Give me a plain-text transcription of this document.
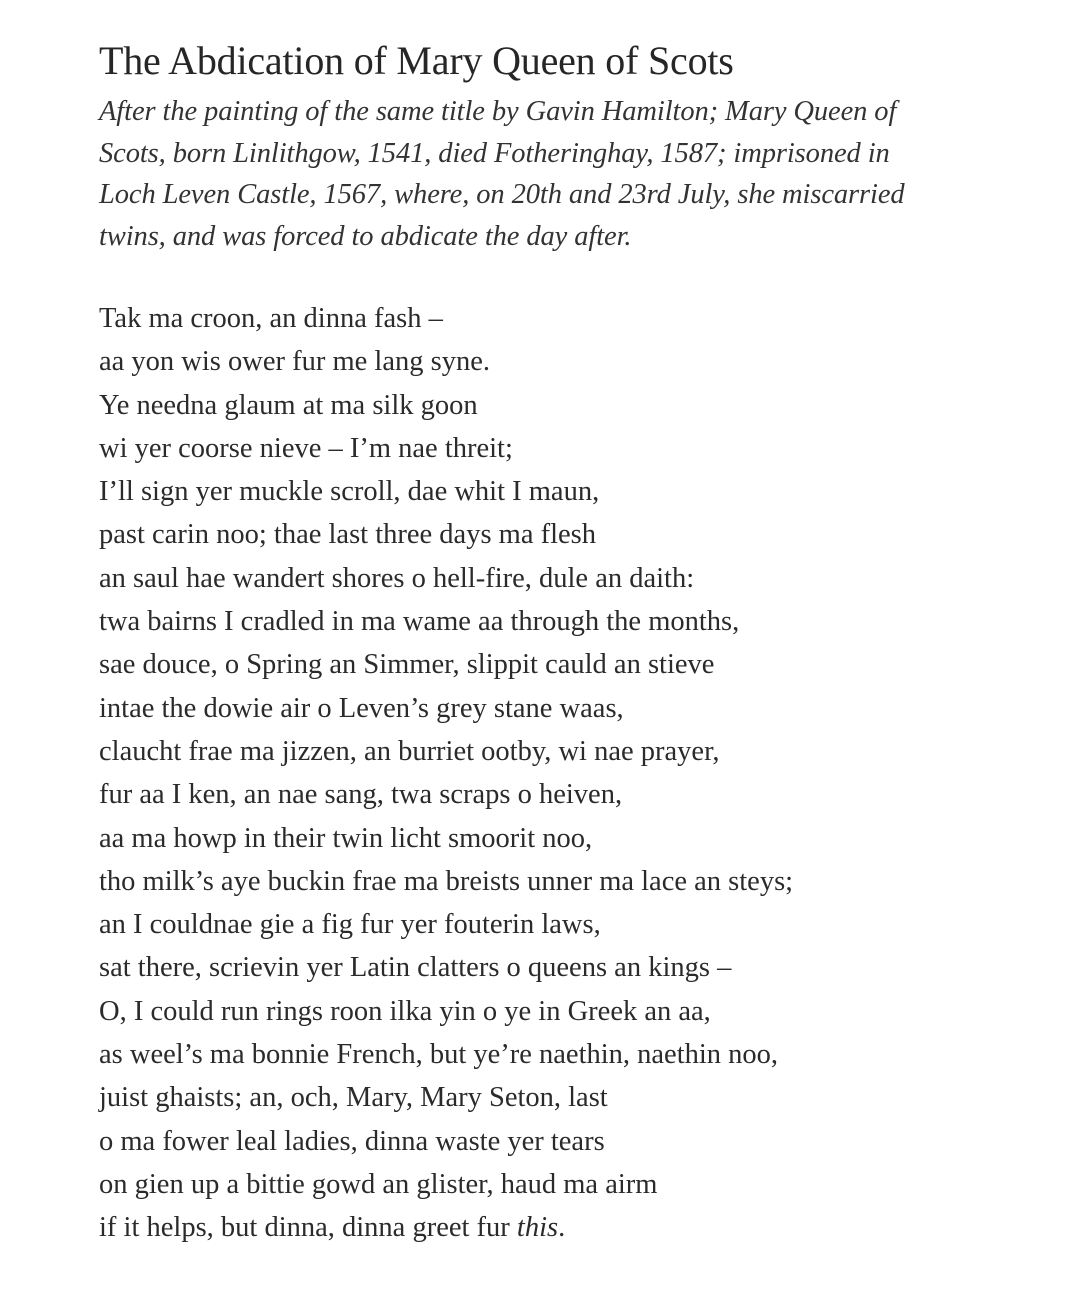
The Abdication of Mary Queen of Scots
After the painting of the same title by Gavin Hamilton; Mary Queen of
Scots, born Linlithgow, 1541, died Fotheringhay, 1587; imprisoned in
Loch Leven Castle, 1567, where, on 20th and 23rd July, she miscarried
twins, and was forced to abdicate the day after.
Tak ma croon, an dinna fash –
aa yon wis ower fur me lang syne.
Ye needna glaum at ma silk goon
wi yer coorse nieve – I’m nae threit;
I’ll sign yer muckle scroll, dae whit I maun,
past carin noo; thae last three days ma flesh
an saul hae wandert shores o hell-fire, dule an daith:
twa bairns I cradled in ma wame aa through the months,
sae douce, o Spring an Simmer, slippit cauld an stieve
intae the dowie air o Leven’s grey stane waas,
claucht frae ma jizzen, an burriet ootby, wi nae prayer,
fur aa I ken, an nae sang, twa scraps o heiven,
aa ma howp in their twin licht smoorit noo,
tho milk’s aye buckin frae ma breists unner ma lace an steys;
an I couldnae gie a fig fur yer fouterin laws,
sat there, scrievin yer Latin clatters o queens an kings –
O, I could run rings roon ilka yin o ye in Greek an aa,
as weel’s ma bonnie French, but ye’re naethin, naethin noo,
juist ghaists; an, och, Mary, Mary Seton, last
o ma fower leal ladies, dinna waste yer tears
on gien up a bittie gowd an glister, haud ma airm
if it helps, but dinna, dinna greet fur this.
